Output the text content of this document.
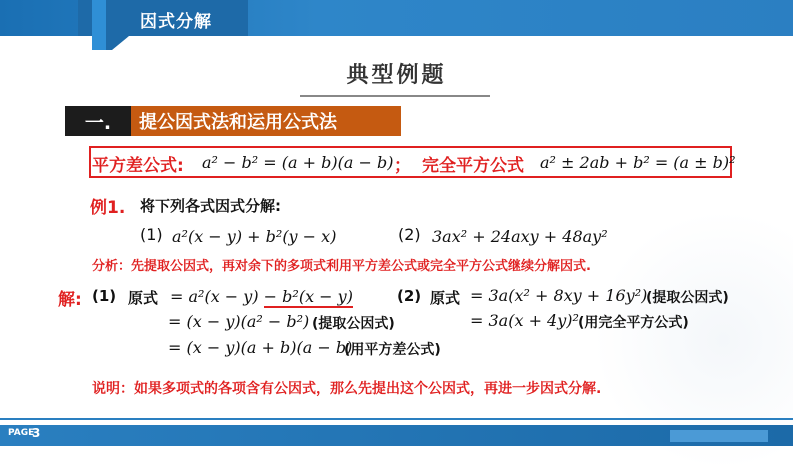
因式分解
典型例题
一.	提公因式法和运用公式法
平方差公式: a² − b² = (a + b)(a − b) ； 完全平方公式 a² ± 2ab + b² = (a ± b)²
例1. 将下列各式因式分解:
(1) a²(x − y) + b²(y − x)	(2) 3ax² + 24axy + 48ay²
分析：先提取公因式，再对余下的多项式利用平方差公式或完全平方公式继续分解因式.
解: (1) 原式 = a²(x − y) − b²(x − y)
= (x − y)(a² − b²) (提取公因式)
= (x − y)(a + b)(a − b)
(用平方差公式)
(2) 原式 = 3a(x² + 8xy + 16y²)
(提取公因式)
= 3a(x + 4y)² (用完全平方公式)
说明：如果多项式的各项含有公因式，那么先提出这个公因式，再进一步因式分解.
PAGE
3
